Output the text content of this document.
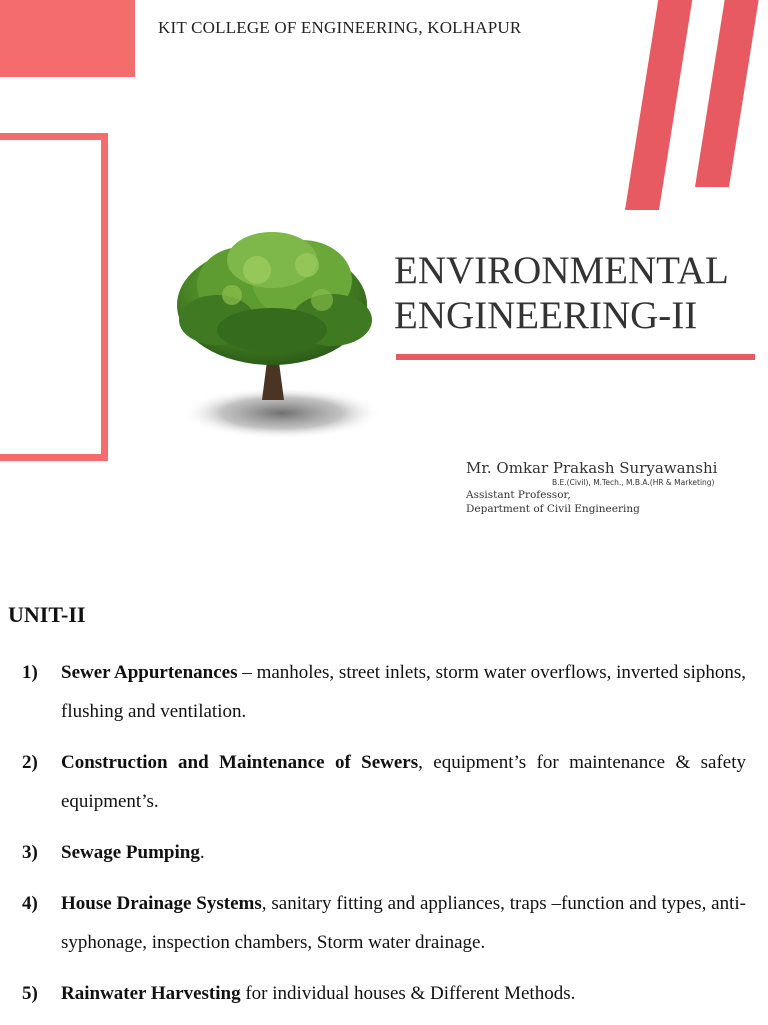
KIT COLLEGE OF ENGINEERING, KOLHAPUR
ENVIRONMENTAL
ENGINEERING-II
Mr. Omkar Prakash Suryawanshi
B.E.(Civil), M.Tech., M.B.A.(HR & Marketing)
Assistant Professor,
Department of Civil Engineering
UNIT-II
1) Sewer Appurtenances – manholes, street inlets, storm water overflows, inverted siphons, flushing and ventilation.
2) Construction and Maintenance of Sewers, equipment’s for maintenance & safety equipment’s.
3) Sewage Pumping.
4) House Drainage Systems, sanitary fitting and appliances, traps –function and types, anti-syphonage, inspection chambers, Storm water drainage.
5) Rainwater Harvesting for individual houses & Different Methods.
